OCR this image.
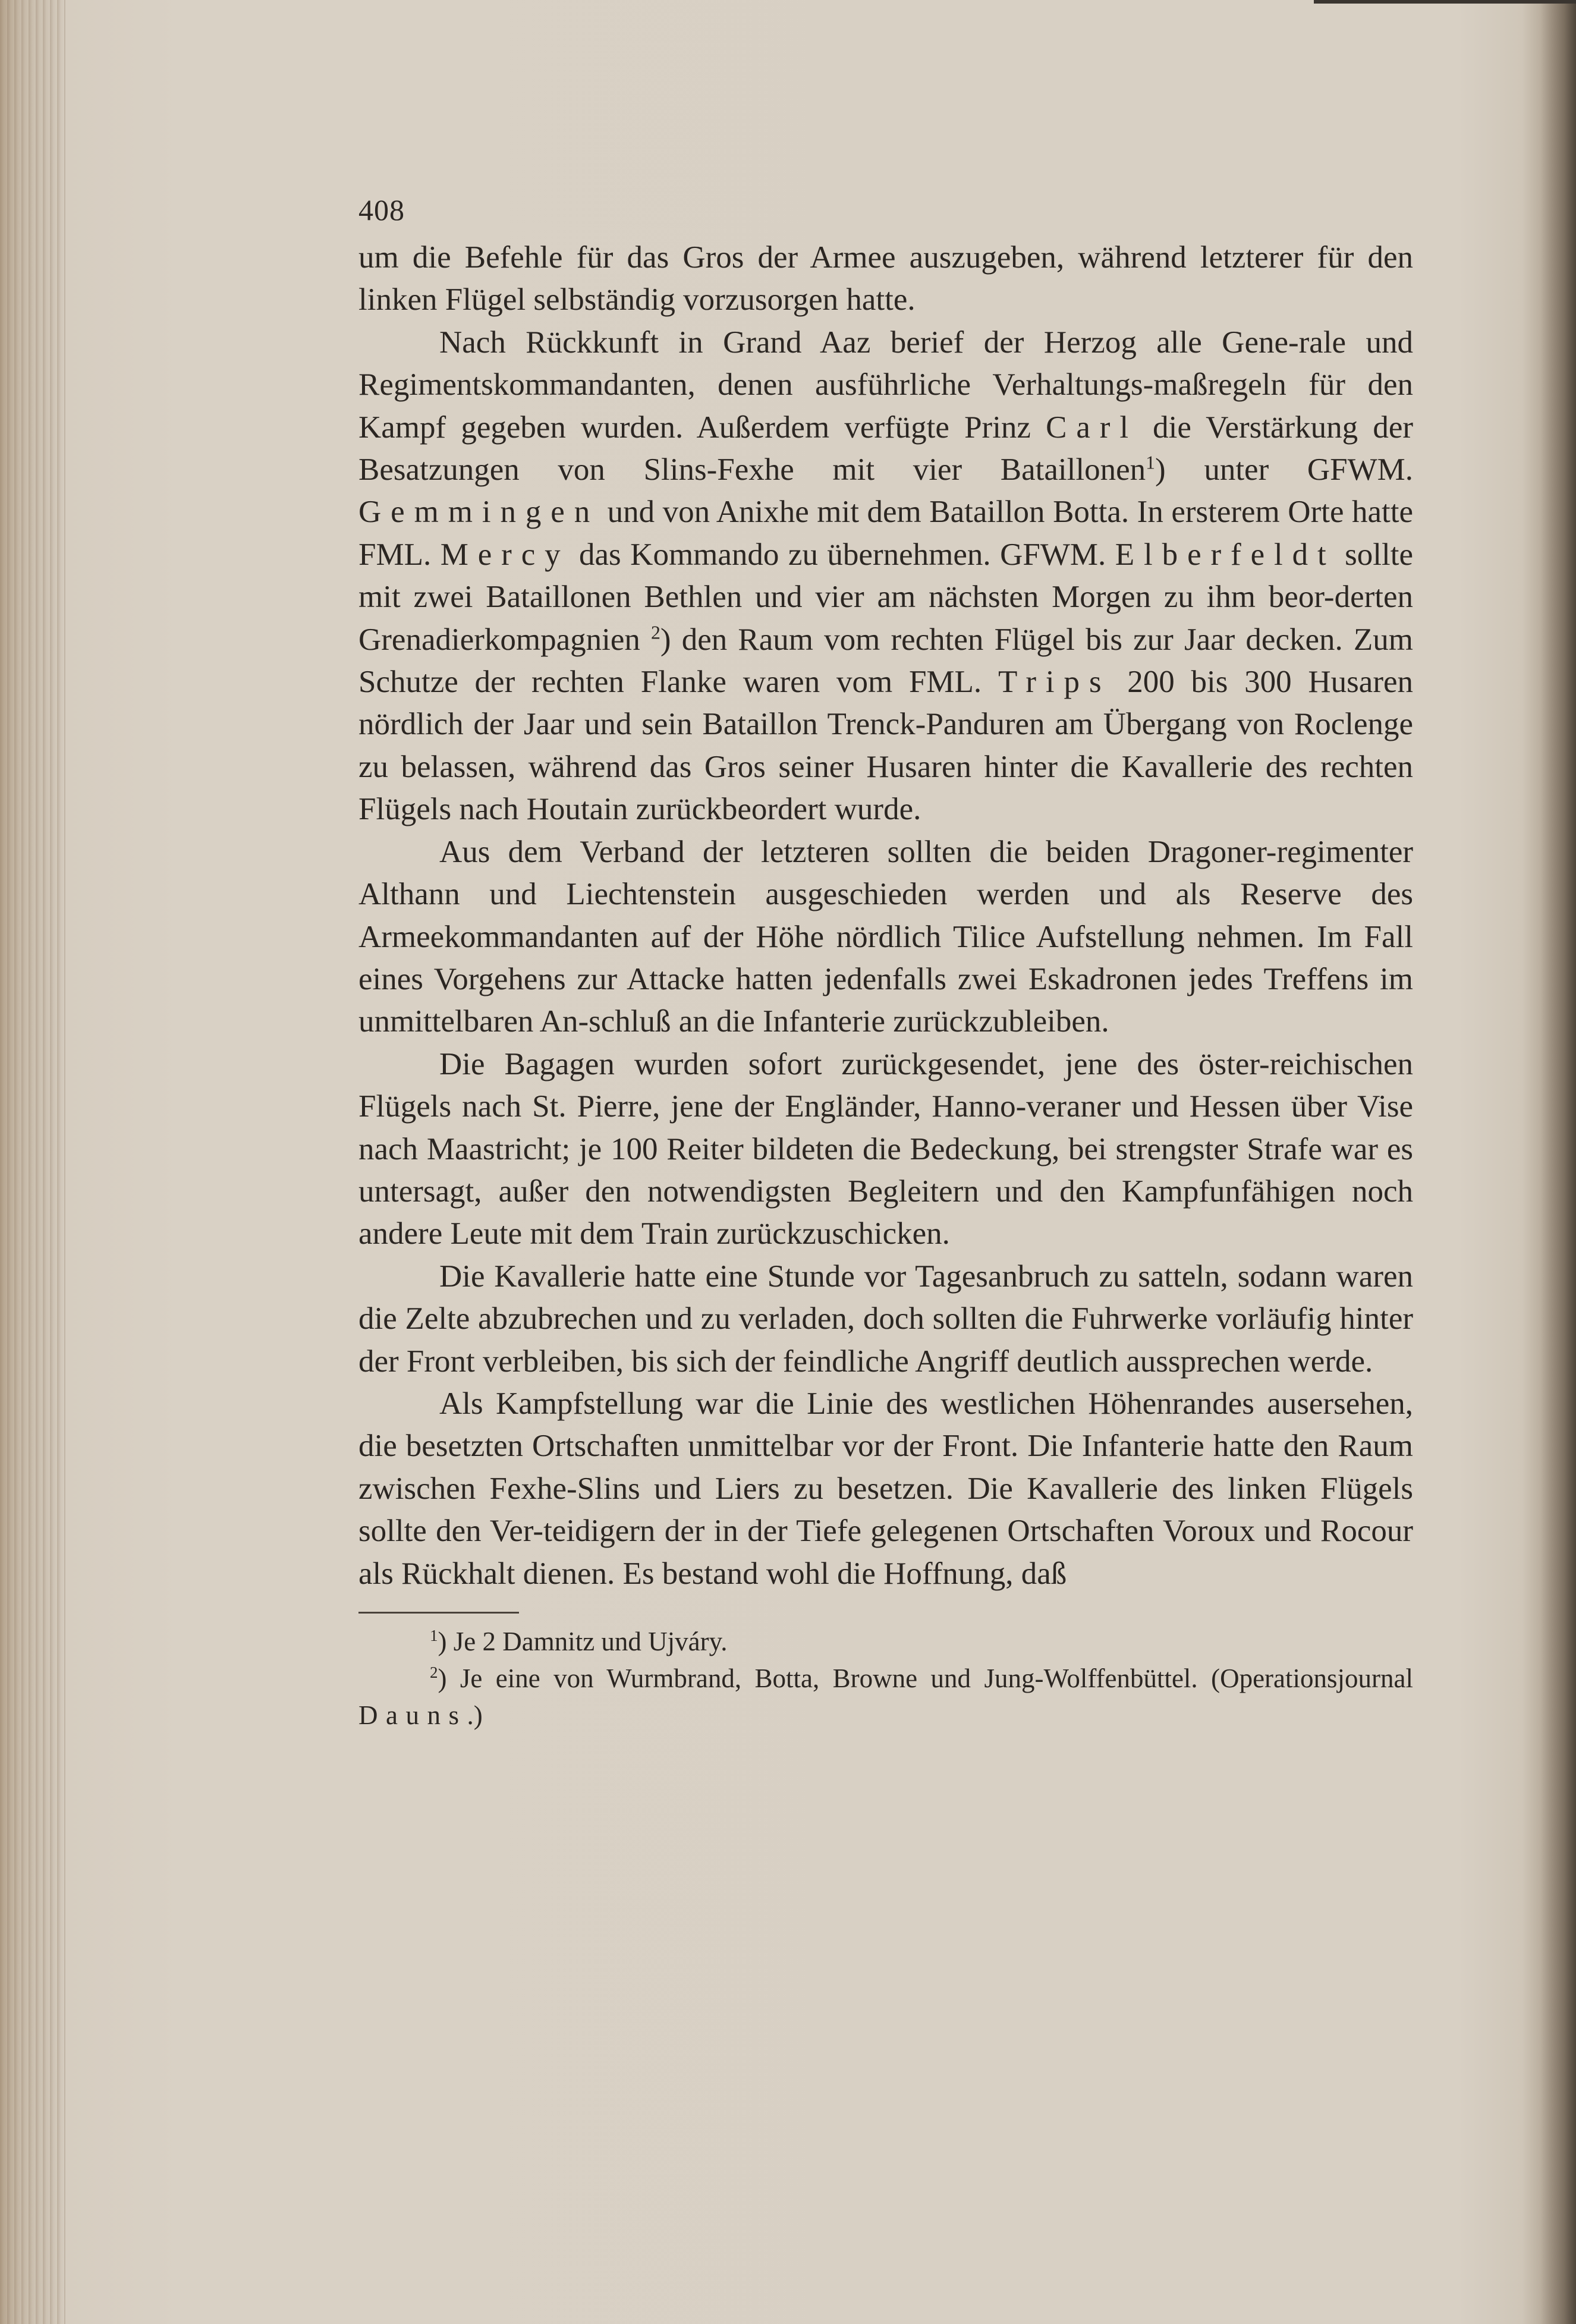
408

um die Befehle für das Gros der Armee auszugeben, während letzterer für den linken Flügel selbständig vorzusorgen hatte.

Nach Rückkunft in Grand Aaz berief der Herzog alle Gene-rale und Regimentskommandanten, denen ausführliche Verhaltungs-maßregeln für den Kampf gegeben wurden. Außerdem verfügte Prinz Carl die Verstärkung der Besatzungen von Slins-Fexhe mit vier Bataillonen$^1$) unter GFWM. Gemmingen und von Anixhe mit dem Bataillon Botta. In ersterem Orte hatte FML. Mercy das Kommando zu übernehmen. GFWM. Elberfeldt sollte mit zwei Bataillonen Bethlen und vier am nächsten Morgen zu ihm beor-derten Grenadierkompagnien $^2$) den Raum vom rechten Flügel bis zur Jaar decken. Zum Schutze der rechten Flanke waren vom FML. Trips 200 bis 300 Husaren nördlich der Jaar und sein Bataillon Trenck-Panduren am Übergang von Roclenge zu belassen, während das Gros seiner Husaren hinter die Kavallerie des rechten Flügels nach Houtain zurückbeordert wurde.

Aus dem Verband der letzteren sollten die beiden Dragoner-regimenter Althann und Liechtenstein ausgeschieden werden und als Reserve des Armeekommandanten auf der Höhe nördlich Tilice Aufstellung nehmen. Im Fall eines Vorgehens zur Attacke hatten jedenfalls zwei Eskadronen jedes Treffens im unmittelbaren An-schluß an die Infanterie zurückzubleiben.

Die Bagagen wurden sofort zurückgesendet, jene des öster-reichischen Flügels nach St. Pierre, jene der Engländer, Hanno-veraner und Hessen über Vise nach Maastricht; je 100 Reiter bildeten die Bedeckung, bei strengster Strafe war es untersagt, außer den notwendigsten Begleitern und den Kampfunfähigen noch andere Leute mit dem Train zurückzuschicken.

Die Kavallerie hatte eine Stunde vor Tagesanbruch zu satteln, sodann waren die Zelte abzubrechen und zu verladen, doch sollten die Fuhrwerke vorläufig hinter der Front verbleiben, bis sich der feindliche Angriff deutlich aussprechen werde.

Als Kampfstellung war die Linie des westlichen Höhenrandes ausersehen, die besetzten Ortschaften unmittelbar vor der Front. Die Infanterie hatte den Raum zwischen Fexhe-Slins und Liers zu besetzen. Die Kavallerie des linken Flügels sollte den Ver-teidigern der in der Tiefe gelegenen Ortschaften Voroux und Rocour als Rückhalt dienen. Es bestand wohl die Hoffnung, daß

$^1$) Je 2 Damnitz und Ujváry.

$^2$) Je eine von Wurmbrand, Botta, Browne und Jung-Wolffenbüttel. (Operationsjournal Dauns.)
